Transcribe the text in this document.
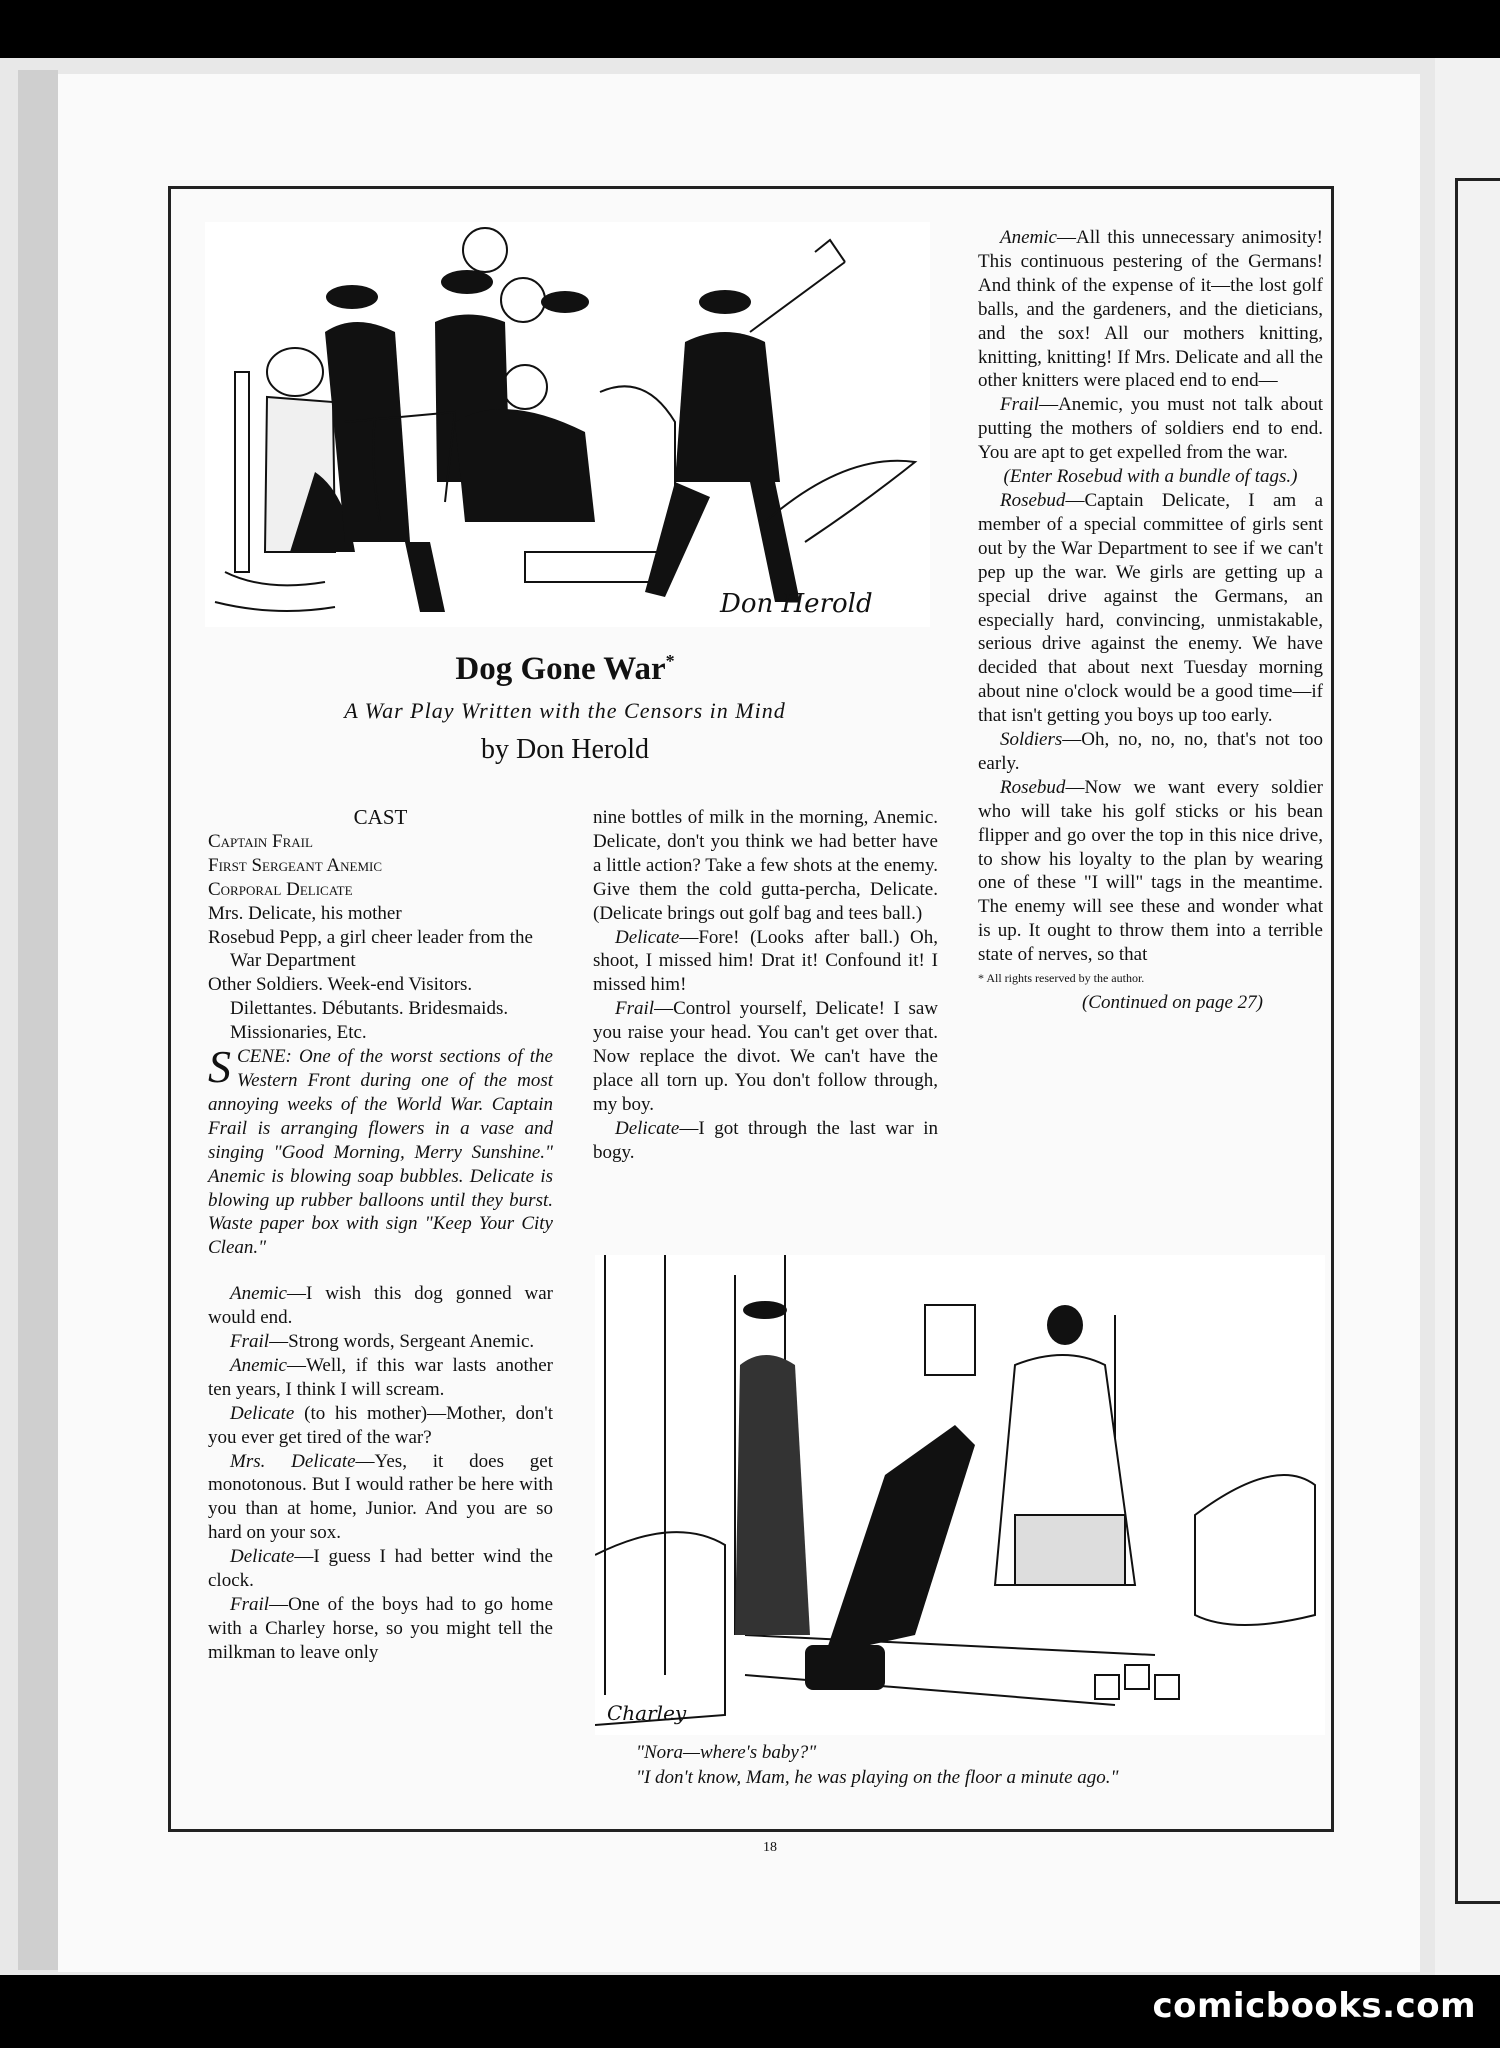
Don Herold
Dog Gone War*
A War Play Written with the Censors in Mind
by Don Herold

CAST

Captain Frail

First Sergeant Anemic

Corporal Delicate

Mrs. Delicate, his mother

Rosebud Pepp, a girl cheer leader from the War Department

Other Soldiers. Week-end Visitors. Dilettantes. Débutants. Bridesmaids. Missionaries, Etc.

SCENE: One of the worst sections of the Western Front during one of the most annoying weeks of the World War. Captain Frail is arranging flowers in a vase and singing "Good Morning, Merry Sunshine." Anemic is blowing soap bubbles. Delicate is blowing up rubber balloons until they burst. Waste paper box with sign "Keep Your City Clean."

Anemic—I wish this dog gonned war would end.

Frail—Strong words, Sergeant Anemic.

Anemic—Well, if this war lasts another ten years, I think I will scream.

Delicate (to his mother)—Mother, don't you ever get tired of the war?

Mrs. Delicate—Yes, it does get monotonous. But I would rather be here with you than at home, Junior. And you are so hard on your sox.

Delicate—I guess I had better wind the clock.

Frail—One of the boys had to go home with a Charley horse, so you might tell the milkman to leave only

nine bottles of milk in the morning, Anemic. Delicate, don't you think we had better have a little action? Take a few shots at the enemy. Give them the cold gutta-percha, Delicate. (Delicate brings out golf bag and tees ball.)

Delicate—Fore! (Looks after ball.) Oh, shoot, I missed him! Drat it! Confound it! I missed him!

Frail—Control yourself, Delicate! I saw you raise your head. You can't get over that. Now replace the divot. We can't have the place all torn up. You don't follow through, my boy.

Delicate—I got through the last war in bogy.

Anemic—All this unnecessary animosity! This continuous pestering of the Germans! And think of the expense of it—the lost golf balls, and the gardeners, and the dieticians, and the sox! All our mothers knitting, knitting, knitting! If Mrs. Delicate and all the other knitters were placed end to end—

Frail—Anemic, you must not talk about putting the mothers of soldiers end to end. You are apt to get expelled from the war.

(Enter Rosebud with a bundle of tags.)

Rosebud—Captain Delicate, I am a member of a special committee of girls sent out by the War Department to see if we can't pep up the war. We girls are getting up a special drive against the Germans, an especially hard, convincing, unmistakable, serious drive against the enemy. We have decided that about next Tuesday morning about nine o'clock would be a good time—if that isn't getting you boys up too early.

Soldiers—Oh, no, no, no, that's not too early.

Rosebud—Now we want every soldier who will take his golf sticks or his bean flipper and go over the top in this nice drive, to show his loyalty to the plan by wearing one of these "I will" tags in the meantime. The enemy will see these and wonder what is up. It ought to throw them into a terrible state of nerves, so that

* All rights reserved by the author.

(Continued on page 27)

Charley
"Nora—where's baby?"
"I don't know, Mam, he was playing on the floor a minute ago."
18
comicbooks.com
